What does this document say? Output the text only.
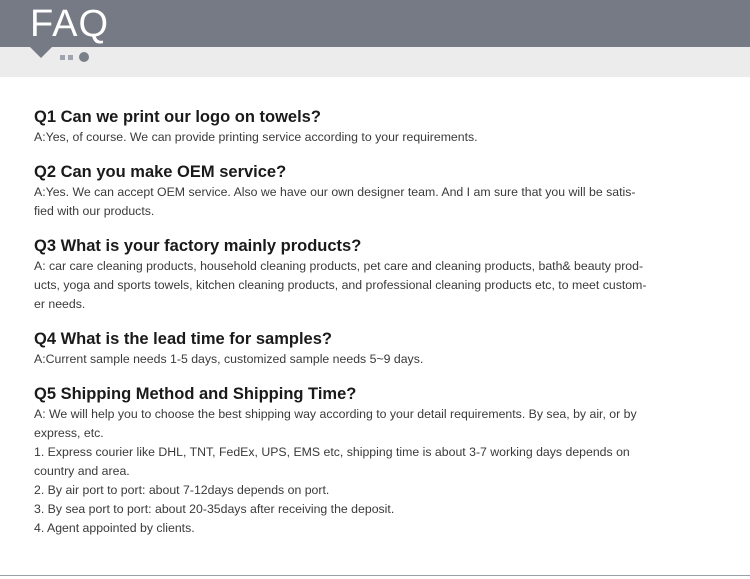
FAQ
Q1 Can we print our logo on towels?
A:Yes, of course. We can provide printing service according to your requirements.
Q2 Can you make OEM service?
A:Yes. We can accept OEM service. Also we have our own designer team. And I am sure that you will be satis-
fied with our products.
Q3 What is your factory mainly products?
A: car care cleaning products, household cleaning products, pet care and cleaning products, bath& beauty prod-
ucts, yoga and sports towels, kitchen cleaning products, and professional cleaning products etc, to meet custom-
er needs.
Q4 What is the lead time for samples?
A:Current sample needs 1-5 days, customized sample needs 5~9 days.
Q5 Shipping Method and Shipping Time?
A: We will help you to choose the best shipping way according to your detail requirements. By sea, by air, or by
express, etc.
1. Express courier like DHL, TNT, FedEx, UPS, EMS etc, shipping time is about 3-7 working days depends on
country and area.
2. By air port to port: about 7-12days depends on port.
3. By sea port to port: about 20-35days after receiving the deposit.
4. Agent appointed by clients.
